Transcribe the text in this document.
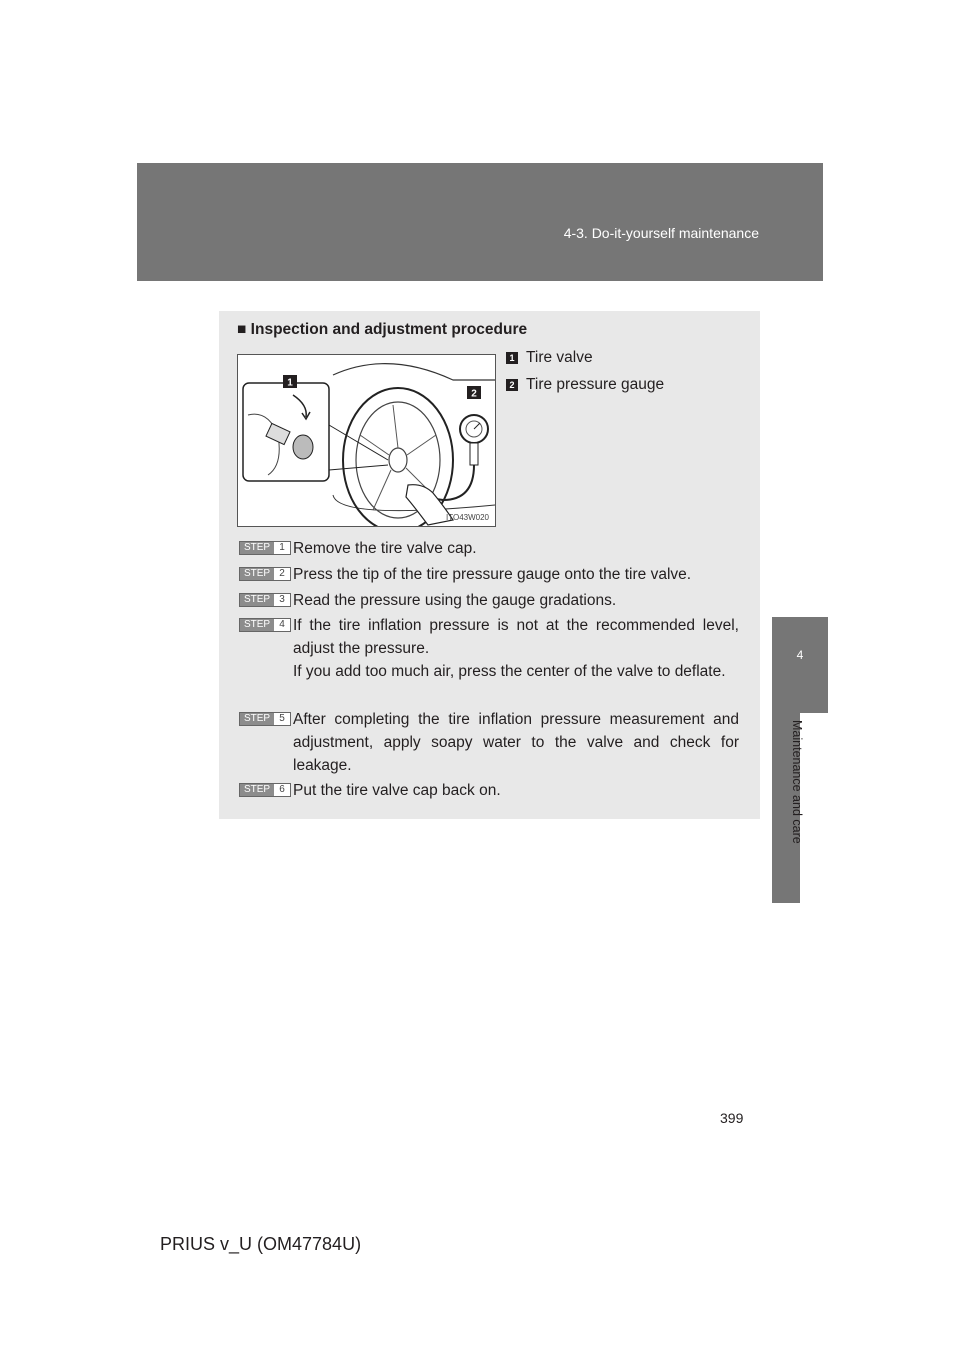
4-3. Do-it-yourself maintenance
4
Maintenance and care
■ Inspection and adjustment procedure
1
2
ITO43W020
1 Tire valve
2 Tire pressure gauge
STEP 1 Remove the tire valve cap.
STEP 2 Press the tip of the tire pressure gauge onto the tire valve.
STEP 3 Read the pressure using the gauge gradations.
STEP 4 If the tire inflation pressure is not at the recommended level, adjust the pressure.
If you add too much air, press the center of the valve to deflate.
STEP 5 After completing the tire inflation pressure measurement and adjustment, apply soapy water to the valve and check for leakage.
STEP 6 Put the tire valve cap back on.
399
PRIUS v_U (OM47784U)
